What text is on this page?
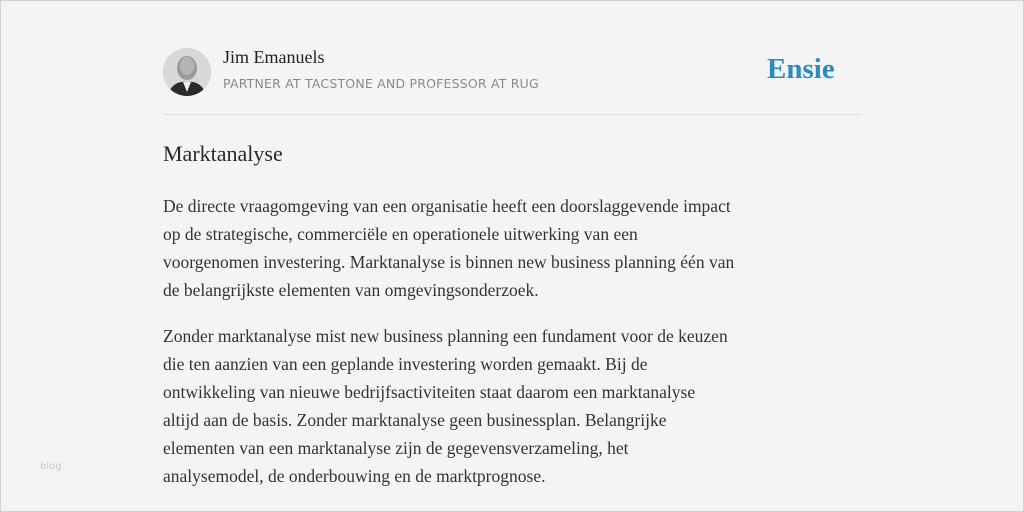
Jim Emanuels
PARTNER AT TACSTONE AND PROFESSOR AT RUG	Ensie
Marktanalyse
De directe vraagomgeving van een organisatie heeft een doorslaggevende impact
op de strategische, commerciële en operationele uitwerking van een
voorgenomen investering. Marktanalyse is binnen new business planning één van
de belangrijkste elementen van omgevingsonderzoek.
Zonder marktanalyse mist new business planning een fundament voor de keuzen
die ten aanzien van een geplande investering worden gemaakt. Bij de
ontwikkeling van nieuwe bedrijfsactiviteiten staat daarom een marktanalyse
altijd aan de basis. Zonder marktanalyse geen businessplan. Belangrijke
elementen van een marktanalyse zijn de gegevensverzameling, het
analysemodel, de onderbouwing en de marktprognose.
blog
